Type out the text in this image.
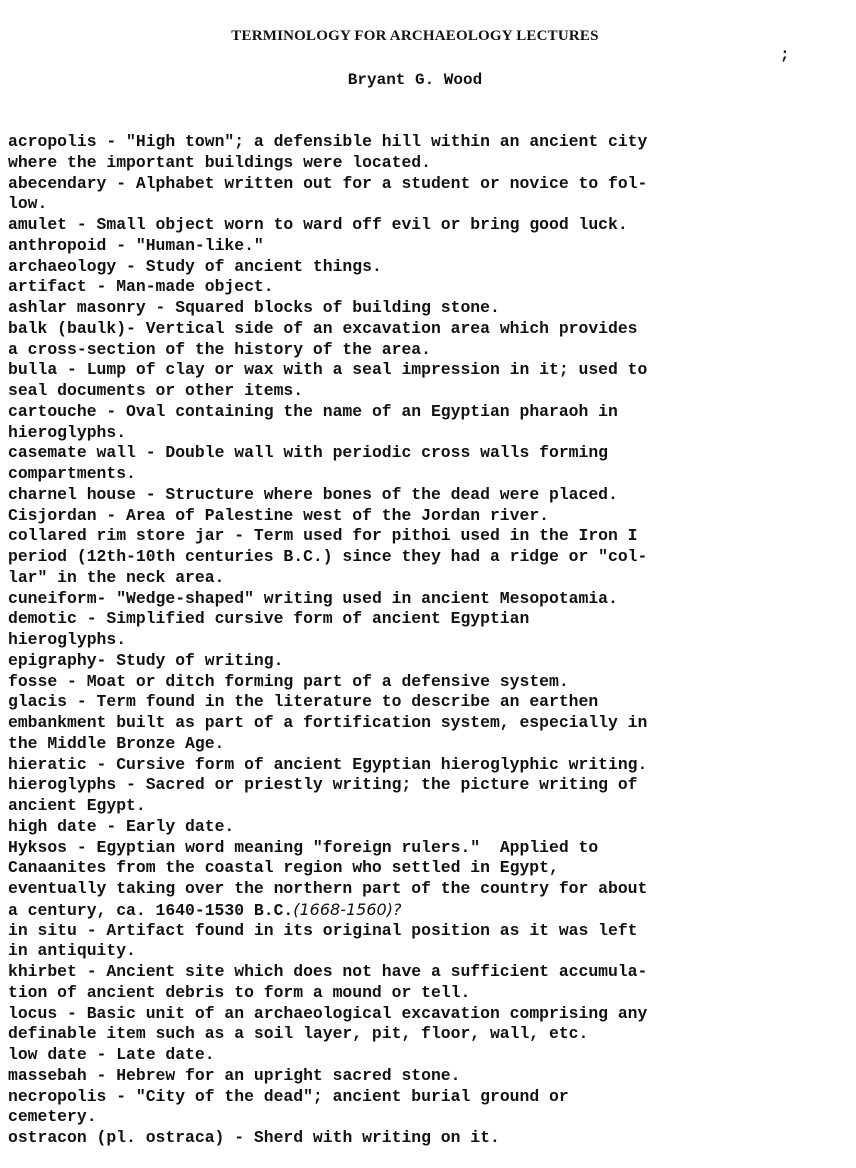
TERMINOLOGY FOR ARCHAEOLOGY LECTURES
;
Bryant G. Wood
acropolis - "High town"; a defensible hill within an ancient city
where the important buildings were located.
abecendary - Alphabet written out for a student or novice to fol-
low.
amulet - Small object worn to ward off evil or bring good luck.
anthropoid - "Human-like."
archaeology - Study of ancient things.
artifact - Man-made object.
ashlar masonry - Squared blocks of building stone.
balk (baulk)- Vertical side of an excavation area which provides
a cross-section of the history of the area.
bulla - Lump of clay or wax with a seal impression in it; used to
seal documents or other items.
cartouche - Oval containing the name of an Egyptian pharaoh in
hieroglyphs.
casemate wall - Double wall with periodic cross walls forming
compartments.
charnel house - Structure where bones of the dead were placed.
Cisjordan - Area of Palestine west of the Jordan river.
collared rim store jar - Term used for pithoi used in the Iron I
period (12th-10th centuries B.C.) since they had a ridge or "col-
lar" in the neck area.
cuneiform- "Wedge-shaped" writing used in ancient Mesopotamia.
demotic - Simplified cursive form of ancient Egyptian
hieroglyphs.
epigraphy- Study of writing.
fosse - Moat or ditch forming part of a defensive system.
glacis - Term found in the literature to describe an earthen
embankment built as part of a fortification system, especially in
the Middle Bronze Age.
hieratic - Cursive form of ancient Egyptian hieroglyphic writing.
hieroglyphs - Sacred or priestly writing; the picture writing of
ancient Egypt.
high date - Early date.
Hyksos - Egyptian word meaning "foreign rulers."  Applied to
Canaanites from the coastal region who settled in Egypt,
eventually taking over the northern part of the country for about
a century, ca. 1640-1530 B.C.(1668-1560)?
in situ - Artifact found in its original position as it was left
in antiquity.
khirbet - Ancient site which does not have a sufficient accumula-
tion of ancient debris to form a mound or tell.
locus - Basic unit of an archaeological excavation comprising any
definable item such as a soil layer, pit, floor, wall, etc.
low date - Late date.
massebah - Hebrew for an upright sacred stone.
necropolis - "City of the dead"; ancient burial ground or
cemetery.
ostracon (pl. ostraca) - Sherd with writing on it.
